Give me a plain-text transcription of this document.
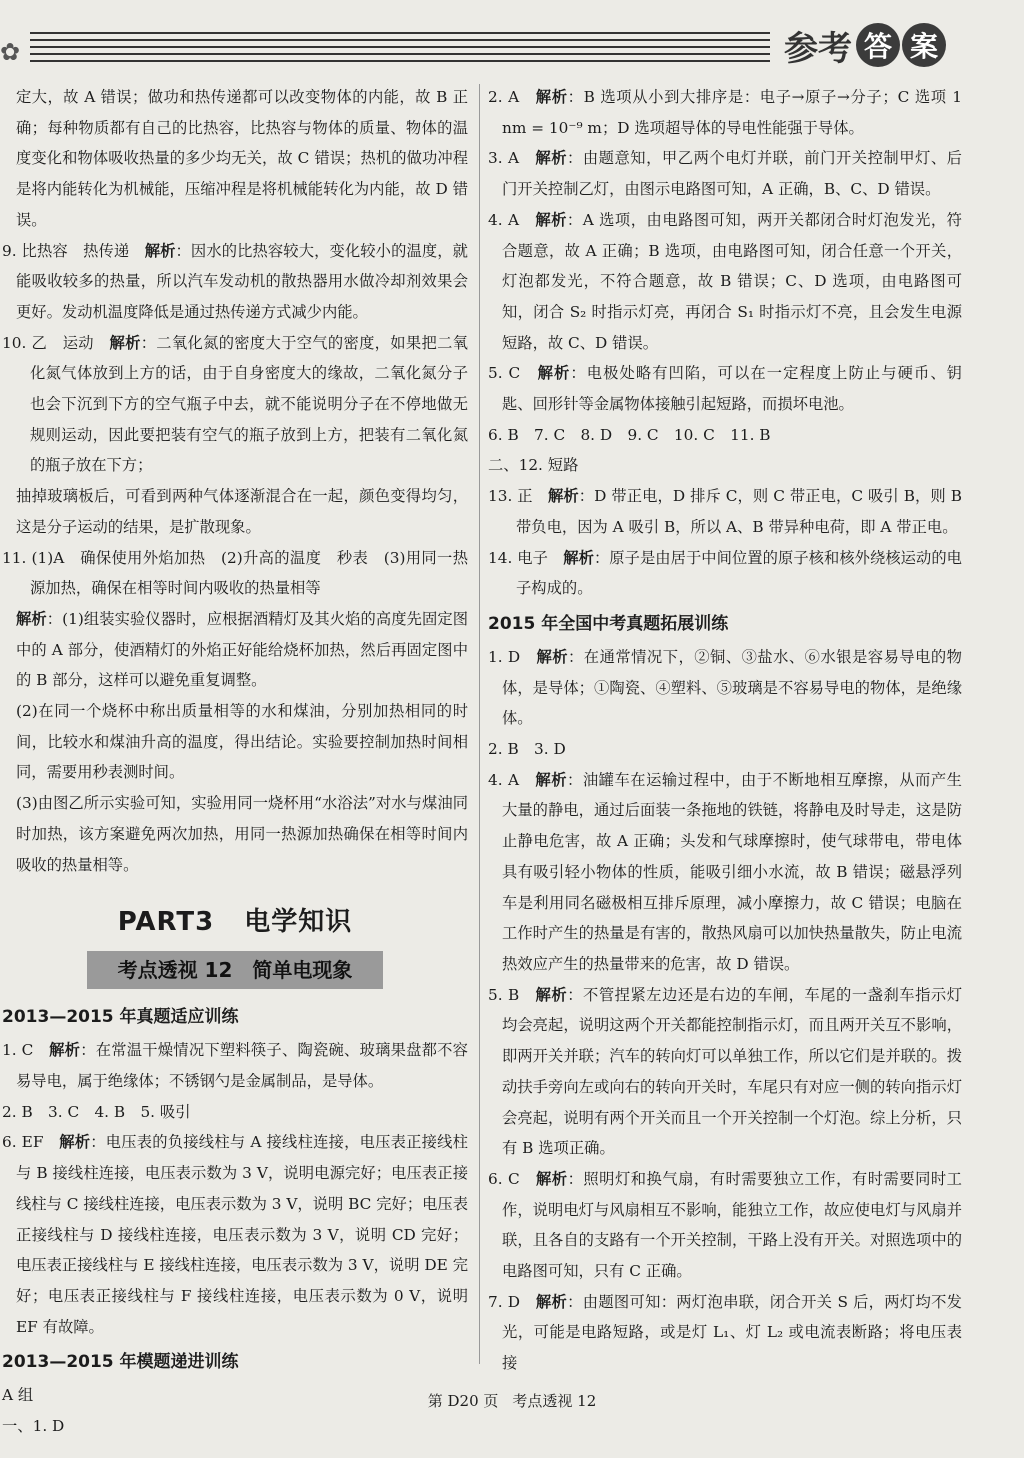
✿	参考 答 案

定大，故 A 错误；做功和热传递都可以改变物体的内能，故 B 正确；每种物质都有自己的比热容，比热容与物体的质量、物体的温度变化和物体吸收热量的多少均无关，故 C 错误；热机的做功冲程是将内能转化为机械能，压缩冲程是将机械能转化为内能，故 D 错误。

9. 比热容　热传递　解析：因水的比热容较大，变化较小的温度，就能吸收较多的热量，所以汽车发动机的散热器用水做冷却剂效果会更好。发动机温度降低是通过热传递方式减少内能。

10. 乙　运动　解析：二氧化氮的密度大于空气的密度，如果把二氧化氮气体放到上方的话，由于自身密度大的缘故，二氧化氮分子也会下沉到下方的空气瓶子中去，就不能说明分子在不停地做无规则运动，因此要把装有空气的瓶子放到上方，把装有二氧化氮的瓶子放在下方；

抽掉玻璃板后，可看到两种气体逐渐混合在一起，颜色变得均匀，这是分子运动的结果，是扩散现象。

11. (1)A　确保使用外焰加热　(2)升高的温度　秒表　(3)用同一热源加热，确保在相等时间内吸收的热量相等

解析：(1)组装实验仪器时，应根据酒精灯及其火焰的高度先固定图中的 A 部分，使酒精灯的外焰正好能给烧杯加热，然后再固定图中的 B 部分，这样可以避免重复调整。

(2)在同一个烧杯中称出质量相等的水和煤油，分别加热相同的时间，比较水和煤油升高的温度，得出结论。实验要控制加热时间相同，需要用秒表测时间。

(3)由图乙所示实验可知，实验用同一烧杯用“水浴法”对水与煤油同时加热，该方案避免两次加热，用同一热源加热确保在相等时间内吸收的热量相等。

PART3 电学知识
考点透视 12 简单电现象
2013—2015 年真题适应训练

1. C　解析：在常温干燥情况下塑料筷子、陶瓷碗、玻璃果盘都不容易导电，属于绝缘体；不锈钢勺是金属制品，是导体。

2. B　3. C　4. B　5. 吸引

6. EF　解析：电压表的负接线柱与 A 接线柱连接，电压表正接线柱与 B 接线柱连接，电压表示数为 3 V，说明电源完好；电压表正接线柱与 C 接线柱连接，电压表示数为 3 V，说明 BC 完好；电压表正接线柱与 D 接线柱连接，电压表示数为 3 V，说明 CD 完好；电压表正接线柱与 E 接线柱连接，电压表示数为 3 V，说明 DE 完好；电压表正接线柱与 F 接线柱连接，电压表示数为 0 V，说明 EF 有故障。

2013—2015 年模题递进训练

A 组

一、1. D

2. A　解析：B 选项从小到大排序是：电子→原子→分子；C 选项 1 nm = 10⁻⁹ m；D 选项超导体的导电性能强于导体。

3. A　解析：由题意知，甲乙两个电灯并联，前门开关控制甲灯、后门开关控制乙灯，由图示电路图可知，A 正确，B、C、D 错误。

4. A　解析：A 选项，由电路图可知，两开关都闭合时灯泡发光，符合题意，故 A 正确；B 选项，由电路图可知，闭合任意一个开关，灯泡都发光，不符合题意，故 B 错误；C、D 选项，由电路图可知，闭合 S₂ 时指示灯亮，再闭合 S₁ 时指示灯不亮，且会发生电源短路，故 C、D 错误。

5. C　解析：电极处略有凹陷，可以在一定程度上防止与硬币、钥匙、回形针等金属物体接触引起短路，而损坏电池。

6. B　7. C　8. D　9. C　10. C　11. B

二、12. 短路

13. 正　解析：D 带正电，D 排斥 C，则 C 带正电，C 吸引 B，则 B 带负电，因为 A 吸引 B，所以 A、B 带异种电荷，即 A 带正电。

14. 电子　解析：原子是由居于中间位置的原子核和核外绕核运动的电子构成的。

2015 年全国中考真题拓展训练

1. D　解析：在通常情况下，②铜、③盐水、⑥水银是容易导电的物体，是导体；①陶瓷、④塑料、⑤玻璃是不容易导电的物体，是绝缘体。

2. B　3. D

4. A　解析：油罐车在运输过程中，由于不断地相互摩擦，从而产生大量的静电，通过后面装一条拖地的铁链，将静电及时导走，这是防止静电危害，故 A 正确；头发和气球摩擦时，使气球带电，带电体具有吸引轻小物体的性质，能吸引细小水流，故 B 错误；磁悬浮列车是利用同名磁极相互排斥原理，减小摩擦力，故 C 错误；电脑在工作时产生的热量是有害的，散热风扇可以加快热量散失，防止电流热效应产生的热量带来的危害，故 D 错误。

5. B　解析：不管捏紧左边还是右边的车闸，车尾的一盏刹车指示灯均会亮起，说明这两个开关都能控制指示灯，而且两开关互不影响，即两开关并联；汽车的转向灯可以单独工作，所以它们是并联的。拨动扶手旁向左或向右的转向开关时，车尾只有对应一侧的转向指示灯会亮起，说明有两个开关而且一个开关控制一个灯泡。综上分析，只有 B 选项正确。

6. C　解析：照明灯和换气扇，有时需要独立工作，有时需要同时工作，说明电灯与风扇相互不影响，能独立工作，故应使电灯与风扇并联，且各自的支路有一个开关控制，干路上没有开关。对照选项中的电路图可知，只有 C 正确。

7. D　解析：由题图可知：两灯泡串联，闭合开关 S 后，两灯均不发光，可能是电路短路，或是灯 L₁、灯 L₂ 或电流表断路；将电压表接

第 D20 页 考点透视 12
